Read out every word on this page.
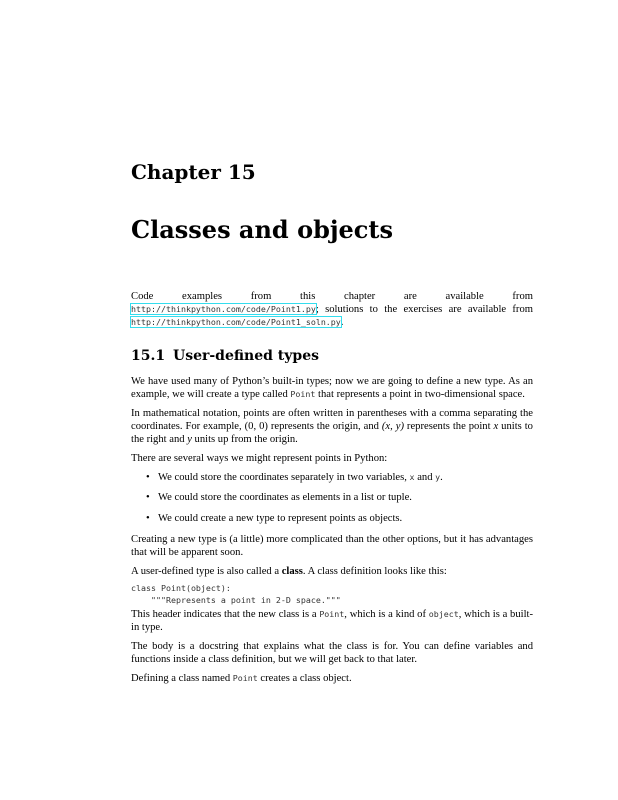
Chapter 15
Classes and objects

Code examples from this chapter are available from http://thinkpython.com/code/Point1.py; solutions to the exercises are available from http://thinkpython.com/code/Point1_soln.py.

15.1 User-defined types

We have used many of Python’s built-in types; now we are going to define a new type. As an example, we will create a type called Point that represents a point in two-dimensional space.

In mathematical notation, points are often written in parentheses with a comma separating the coordinates. For example, (0, 0) represents the origin, and (x, y) represents the point x units to the right and y units up from the origin.

There are several ways we might represent points in Python:

• We could store the coordinates separately in two variables, x and y.
• We could store the coordinates as elements in a list or tuple.
• We could create a new type to represent points as objects.

Creating a new type is (a little) more complicated than the other options, but it has advantages that will be apparent soon.

A user-defined type is also called a class. A class definition looks like this:

class Point(object):
"""Represents a point in 2-D space."""

This header indicates that the new class is a Point, which is a kind of object, which is a built-in type.

The body is a docstring that explains what the class is for. You can define variables and functions inside a class definition, but we will get back to that later.

Defining a class named Point creates a class object.
